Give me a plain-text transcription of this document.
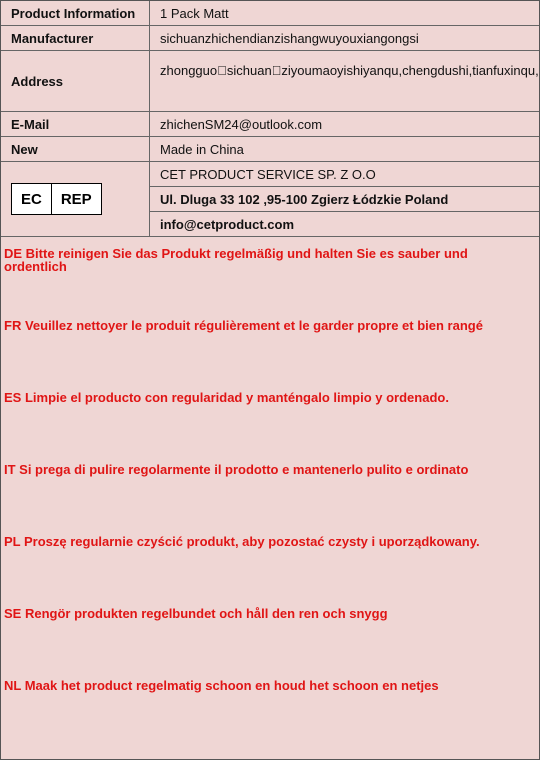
Product Information	1 Pack Matt
Manufacturer	sichuanzhichendianzishangwuyouxiangongsi
Address	zhongguo sichuan ziyoumaoyishiyanqu,chengdushi,tianfuxinqu,
E-Mail	zhichenSM24@outlook.com
New	Made in China

EC REP	CET PRODUCT SERVICE SP. Z O.O
	Ul. Dluga 33 102 ,95-100 Zgierz Łódzkie Poland
	info@cetproduct.com

DE Bitte reinigen Sie das Produkt regelmäßig und halten Sie es sauber und ordentlich

FR Veuillez nettoyer le produit régulièrement et le garder propre et bien rangé

ES Limpie el producto con regularidad y manténgalo limpio y ordenado.

IT Si prega di pulire regolarmente il prodotto e mantenerlo pulito e ordinato

PL Proszę regularnie czyścić produkt, aby pozostać czysty i uporządkowany.

SE Rengör produkten regelbundet och håll den ren och snygg

NL Maak het product regelmatig schoon en houd het schoon en netjes
